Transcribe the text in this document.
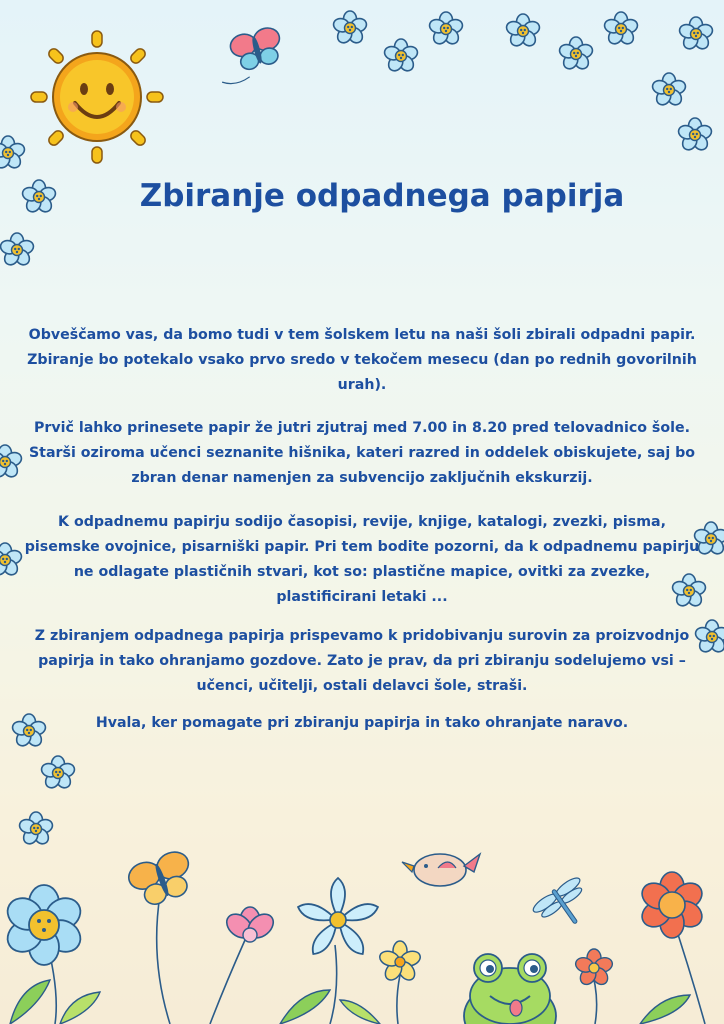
Zbiranje odpadnega papirja

Obveščamo vas, da bomo tudi v tem šolskem letu na naši šoli zbirali odpadni papir. Zbiranje bo potekalo vsako prvo sredo v tekočem mesecu (dan po rednih govorilnih urah).

Prvič lahko prinesete papir že jutri zjutraj med 7.00 in 8.20 pred telovadnico šole. Starši oziroma učenci seznanite hišnika, kateri razred in oddelek obiskujete, saj bo zbran denar namenjen za subvencijo zaključnih ekskurzij.

K odpadnemu papirju sodijo časopisi, revije, knjige, katalogi, zvezki, pisma, pisemske ovojnice, pisarniški papir. Pri tem bodite pozorni, da k odpadnemu papirju ne odlagate plastičnih stvari, kot so: plastične mapice, ovitki za zvezke, plastificirani letaki ...

Z zbiranjem odpadnega papirja prispevamo k pridobivanju surovin za proizvodnjo papirja in tako ohranjamo gozdove. Zato je prav, da pri zbiranju sodelujemo vsi – učenci, učitelji, ostali delavci šole, straši.

Hvala, ker pomagate pri zbiranju papirja in tako ohranjate naravo.
